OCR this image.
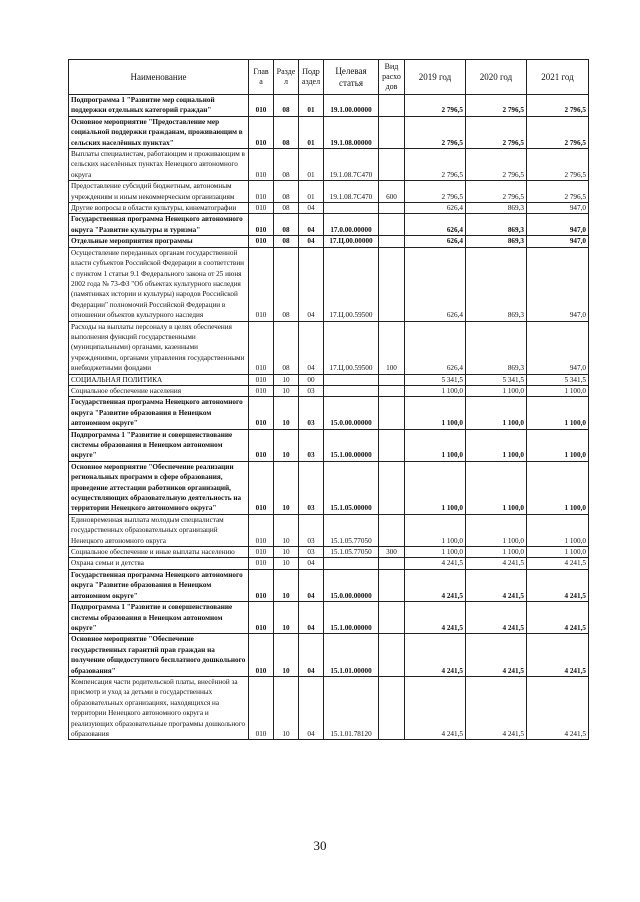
Наименование	Глав а	Разде л	Подр аздел	Целевая статья	Вид расхо дов	2019 год	2020 год	2021 год
Подпрограмма 1 "Развитие мер социальной поддержки отдельных категорий граждан"	010	08	01	19.1.00.00000		2 796,5	2 796,5	2 796,5
Основное мероприятие "Предоставление мер социальной поддержки гражданам, проживающим в сельских населённых пунктах"	010	08	01	19.1.08.00000		2 796,5	2 796,5	2 796,5
Выплаты специалистам, работающим и проживающим в сельских населённых пунктах Ненецкого автономного округа	010	08	01	19.1.08.7С470		2 796,5	2 796,5	2 796,5
Предоставление субсидий бюджетным, автономным учреждениям и иным некоммерческим организациям	010	08	01	19.1.08.7С470	600	2 796,5	2 796,5	2 796,5
Другие вопросы в области культуры, кинематографии	010	08	04			626,4	869,3	947,0
Государственная программа Ненецкого автономного округа "Развитие культуры и туризма"	010	08	04	17.0.00.00000		626,4	869,3	947,0
Отдельные мероприятия программы	010	08	04	17.Ц.00.00000		626,4	869,3	947,0
Осуществление переданных органам государственной власти субъектов Российской Федерации в соответствии с пунктом 1 статьи 9.1 Федерального закона от 25 июня 2002 года № 73-ФЗ "Об объектах культурного наследия (памятниках истории и культуры) народов Российской Федерации" полномочий Российской Федерации в отношении объектов культурного наследия	010	08	04	17.Ц.00.59500		626,4	869,3	947,0
Расходы на выплаты персоналу в целях обеспечения выполнения функций государственными (муниципальными) органами, казенными учреждениями, органами управления государственными внебюджетными фондами	010	08	04	17.Ц.00.59500	100	626,4	869,3	947,0
СОЦИАЛЬНАЯ ПОЛИТИКА	010	10	00			5 341,5	5 341,5	5 341,5
Социальное обеспечение населения	010	10	03			1 100,0	1 100,0	1 100,0
Государственная программа Ненецкого автономного округа "Развитие образования в Ненецком автономном округе"	010	10	03	15.0.00.00000		1 100,0	1 100,0	1 100,0
Подпрограмма 1 "Развитие и совершенствование системы образования в Ненецком автономном округе"	010	10	03	15.1.00.00000		1 100,0	1 100,0	1 100,0
Основное мероприятие "Обеспечение реализации региональных программ в сфере образования, проведение аттестации работников организаций, осуществляющих образовательную деятельность на территории Ненецкого автономного округа"	010	10	03	15.1.05.00000		1 100,0	1 100,0	1 100,0
Единовременная выплата молодым специалистам государственных образовательных организаций Ненецкого автономного округа	010	10	03	15.1.05.77050		1 100,0	1 100,0	1 100,0
Социальное обеспечение и иные выплаты населению	010	10	03	15.1.05.77050	300	1 100,0	1 100,0	1 100,0
Охрана семьи и детства	010	10	04			4 241,5	4 241,5	4 241,5
Государственная программа Ненецкого автономного округа "Развитие образования в Ненецком автономном округе"	010	10	04	15.0.00.00000		4 241,5	4 241,5	4 241,5
Подпрограмма 1 "Развитие и совершенствование системы образования в Ненецком автономном округе"	010	10	04	15.1.00.00000		4 241,5	4 241,5	4 241,5
Основное мероприятие "Обеспечение государственных гарантий прав граждан на получение общедоступного бесплатного дошкольного образования"	010	10	04	15.1.01.00000		4 241,5	4 241,5	4 241,5
Компенсация части родительской платы, внесённой за присмотр и уход за детьми в государственных образовательных организациях, находящихся на территории Ненецкого автономного округа и реализующих образовательные программы дошкольного образования	010	10	04	15.1.01.78120		4 241,5	4 241,5	4 241,5
30
